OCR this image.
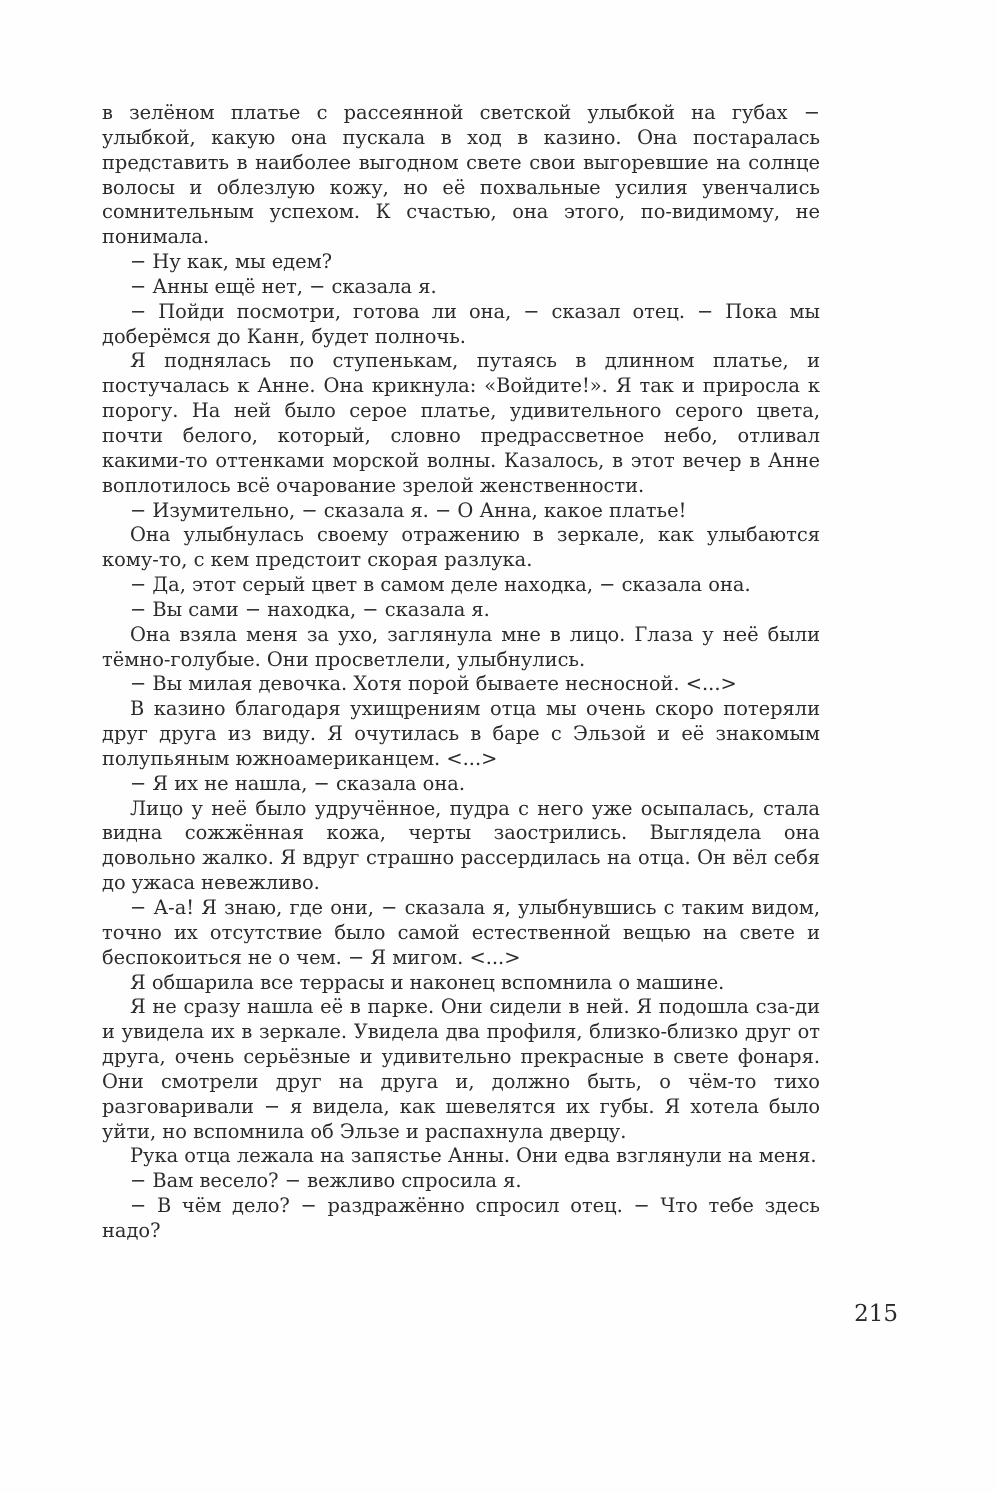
в зелёном платье с рассеянной светской улыбкой на губах − улыбкой, какую она пускала в ход в казино. Она постаралась представить в наиболее выгодном свете свои выгоревшие на солнце волосы и облезлую кожу, но её похвальные усилия увенчались сомнительным успехом. К счастью, она этого, по-видимому, не понимала.

− Ну как, мы едем?

− Анны ещё нет, − сказала я.

− Пойди посмотри, готова ли она, − сказал отец. − Пока мы доберёмся до Канн, будет полночь.

Я поднялась по ступенькам, путаясь в длинном платье, и постучалась к Анне. Она крикнула: «Войдите!». Я так и приросла к порогу. На ней было серое платье, удивительного серого цвета, почти белого, который, словно предрассветное небо, отливал какими-то оттенками морской волны. Казалось, в этот вечер в Анне воплотилось всё очарование зрелой женственности.

− Изумительно, − сказала я. − О Анна, какое платье!

Она улыбнулась своему отражению в зеркале, как улыбаются кому-то, с кем предстоит скорая разлука.

− Да, этот серый цвет в самом деле находка, − сказала она.

− Вы сами − находка, − сказала я.

Она взяла меня за ухо, заглянула мне в лицо. Глаза у неё были тёмно-голубые. Они просветлели, улыбнулись.

− Вы милая девочка. Хотя порой бываете несносной. <...>

В казино благодаря ухищрениям отца мы очень скоро потеряли друг друга из виду. Я очутилась в баре с Эльзой и её знакомым полупьяным южноамериканцем. <...>

− Я их не нашла, − сказала она.

Лицо у неё было удручённое, пудра с него уже осыпалась, стала видна сожжённая кожа, черты заострились. Выглядела она довольно жалко. Я вдруг страшно рассердилась на отца. Он вёл себя до ужаса невежливо.

− А-а! Я знаю, где они, − сказала я, улыбнувшись с таким видом, точно их отсутствие было самой естественной вещью на свете и беспокоиться не о чем. − Я мигом. <...>

Я обшарила все террасы и наконец вспомнила о машине.

Я не сразу нашла её в парке. Они сидели в ней. Я подошла сза-ди и увидела их в зеркале. Увидела два профиля, близко-близко друг от друга, очень серьёзные и удивительно прекрасные в свете фонаря. Они смотрели друг на друга и, должно быть, о чём-то тихо разговаривали − я видела, как шевелятся их губы. Я хотела было уйти, но вспомнила об Эльзе и распахнула дверцу.

Рука отца лежала на запястье Анны. Они едва взглянули на меня.

− Вам весело? − вежливо спросила я.

− В чём дело? − раздражённо спросил отец. − Что тебе здесь надо?

215
